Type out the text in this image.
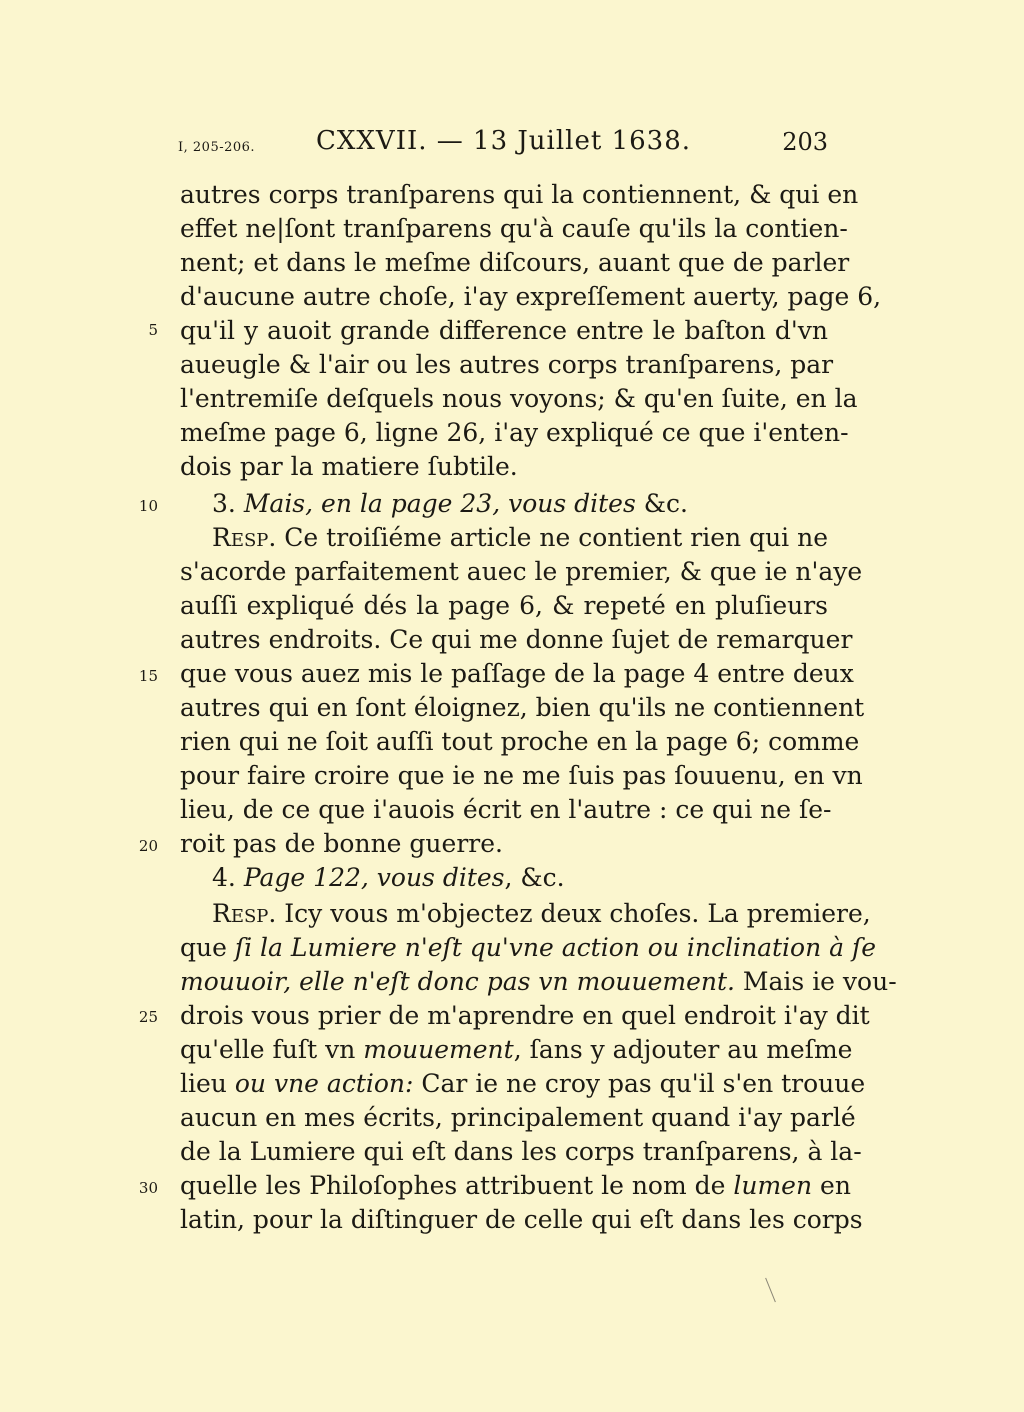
I, 205-206. CXXVII. — 13 Juillet 1638.	203
5
10
15
20
25
30
autres corps tranſparens qui la contiennent, & qui en
effet ne|ſont tranſparens qu'à cauſe qu'ils la contien-
nent; et dans le meſme diſcours, auant que de parler
d'aucune autre choſe, i'ay expreſſement auerty, page 6,
qu'il y auoit grande difference entre le baſton d'vn
aueugle & l'air ou les autres corps tranſparens, par
l'entremiſe deſquels nous voyons; & qu'en ſuite, en la
meſme page 6, ligne 26, i'ay expliqué ce que i'enten-
dois par la matiere ſubtile.
3. Mais, en la page 23, vous dites &c.
Resp. Ce troiſiéme article ne contient rien qui ne
s'acorde parfaitement auec le premier, & que ie n'aye
auſſi expliqué dés la page 6, & repeté en pluſieurs
autres endroits. Ce qui me donne ſujet de remarquer
que vous auez mis le paſſage de la page 4 entre deux
autres qui en ſont éloignez, bien qu'ils ne contiennent
rien qui ne ſoit auſſi tout proche en la page 6; comme
pour faire croire que ie ne me ſuis pas ſouuenu, en vn
lieu, de ce que i'auois écrit en l'autre : ce qui ne ſe-
roit pas de bonne guerre.
4. Page 122, vous dites, &c.
Resp. Icy vous m'objectez deux choſes. La premiere,
que ſi la Lumiere n'eſt qu'vne action ou inclination à ſe
mouuoir, elle n'eſt donc pas vn mouuement. Mais ie vou-
drois vous prier de m'aprendre en quel endroit i'ay dit
qu'elle fuſt vn mouuement, ſans y adjouter au meſme
lieu ou vne action: Car ie ne croy pas qu'il s'en trouue
aucun en mes écrits, principalement quand i'ay parlé
de la Lumiere qui eſt dans les corps tranſparens, à la-
quelle les Philoſophes attribuent le nom de lumen en
latin, pour la diſtinguer de celle qui eſt dans les corps
